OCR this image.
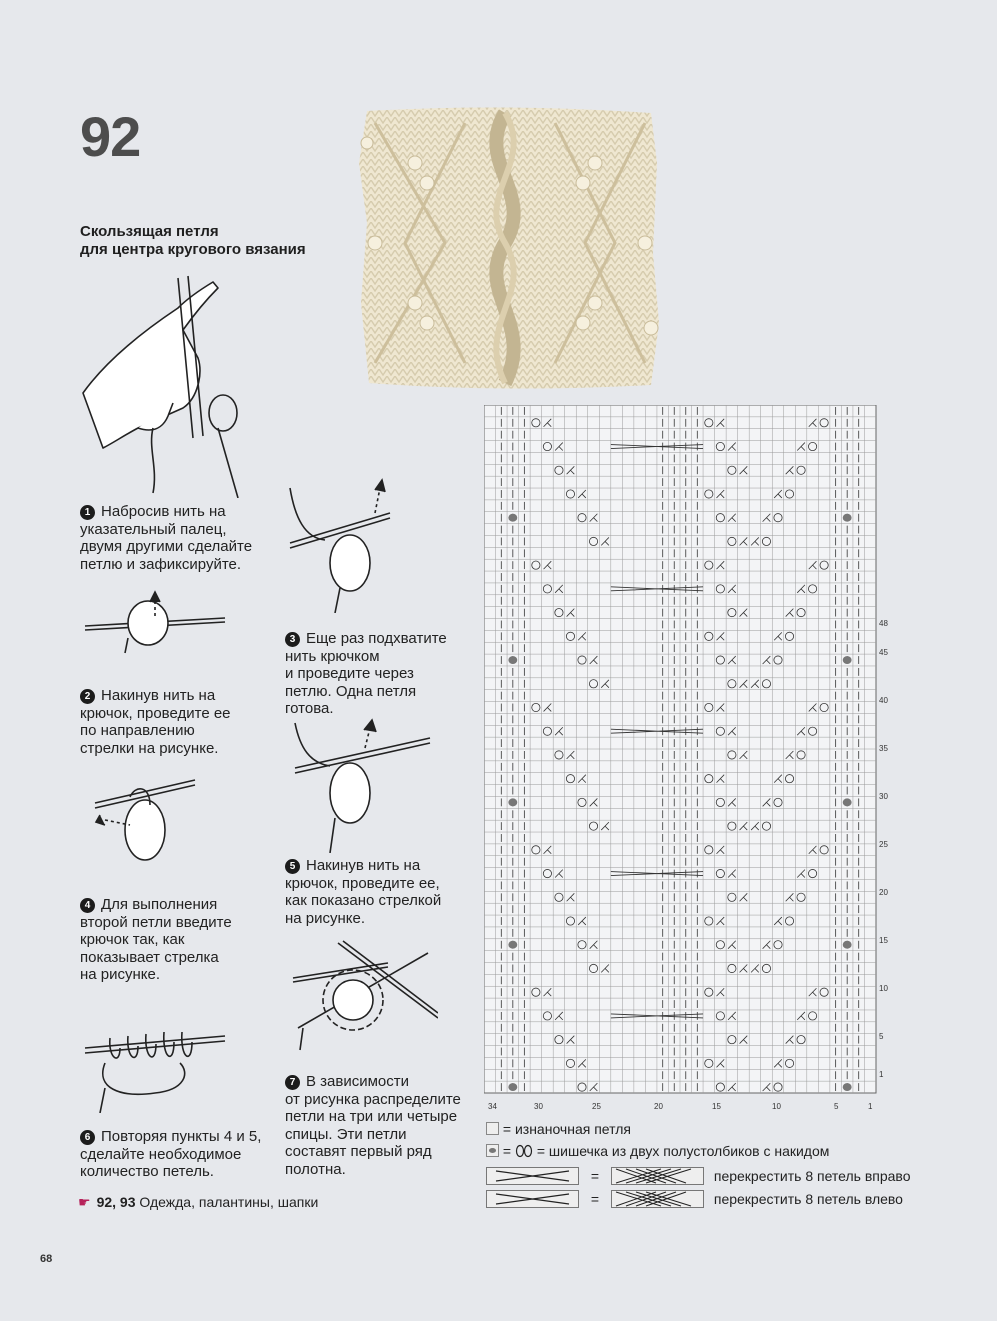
92
Скользящая петля
для центра кругового вязания
1 Набросив нить на
указательный палец,
двумя другими сделайте
петлю и зафиксируйте.
2 Накинув нить на
крючок, проведите ее
по направлению
стрелки на рисунке.
3 Еще раз подхватите
нить крючком
и проведите через
петлю. Одна петля
готова.
4 Для выполнения
второй петли введите
крючок так, как
показывает стрелка
на рисунке.
5 Накинув нить на
крючок, проведите ее,
как показано стрелкой
на рисунке.
6 Повторяя пункты 4 и 5,
сделайте необходимое
количество петель.
7 В зависимости
от рисунка распределите
петли на три или четыре
спицы. Эти петли
составят первый ряд
полотна.
1
5
10
15
20
25
30
35
40
45
48
34	30	25	20	15	10	5	1
= изнаночная петля
= = шишечка из двух полустолбиков с накидом
=	перекрестить 8 петель вправо
=	перекрестить 8 петель влево
☛ 92, 93 Одежда, палантины, шапки
68
